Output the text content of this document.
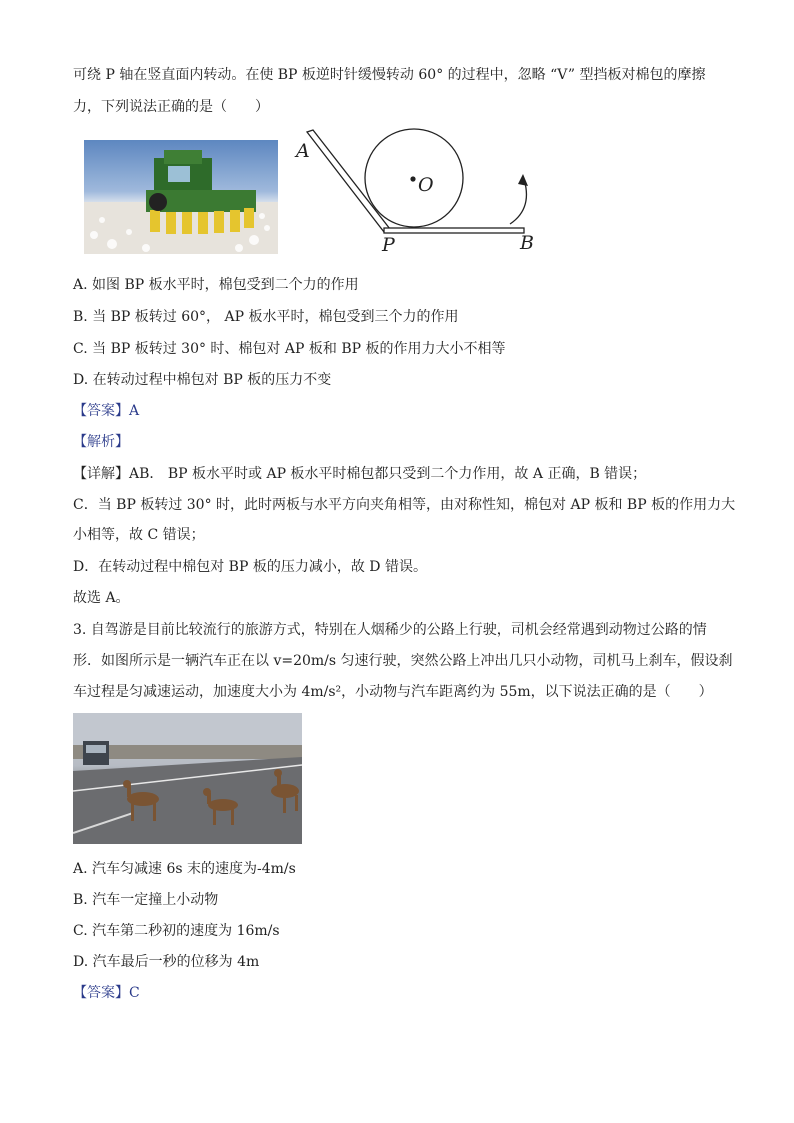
可绕 P 轴在竖直面内转动。在使 BP 板逆时针缓慢转动 60° 的过程中，忽略 “V” 型挡板对棉包的摩擦
力，下列说法正确的是（　　）
A
O
P	B
A. 如图 BP 板水平时，棉包受到二个力的作用
B. 当 BP 板转过 60°， AP 板水平时，棉包受到三个力的作用
C. 当 BP 板转过 30° 时、棉包对 AP 板和 BP 板的作用力大小不相等
D. 在转动过程中棉包对 BP 板的压力不变
【答案】A
【解析】
【详解】AB． BP 板水平时或 AP 板水平时棉包都只受到二个力作用，故 A 正确，B 错误；
C．当 BP 板转过 30° 时，此时两板与水平方向夹角相等，由对称性知，棉包对 AP 板和 BP 板的作用力大
小相等，故 C 错误；
D．在转动过程中棉包对 BP 板的压力减小，故 D 错误。
故选 A。
3. 自驾游是目前比较流行的旅游方式，特别在人烟稀少的公路上行驶，司机会经常遇到动物过公路的情
形．如图所示是一辆汽车正在以 v=20m/s 匀速行驶，突然公路上冲出几只小动物，司机马上刹车，假设刹
车过程是匀减速运动，加速度大小为 4m/s²，小动物与汽车距离约为 55m，以下说法正确的是（　　）
A. 汽车匀减速 6s 末的速度为-4m/s
B. 汽车一定撞上小动物
C. 汽车第二秒初的速度为 16m/s
D. 汽车最后一秒的位移为 4m
【答案】C
